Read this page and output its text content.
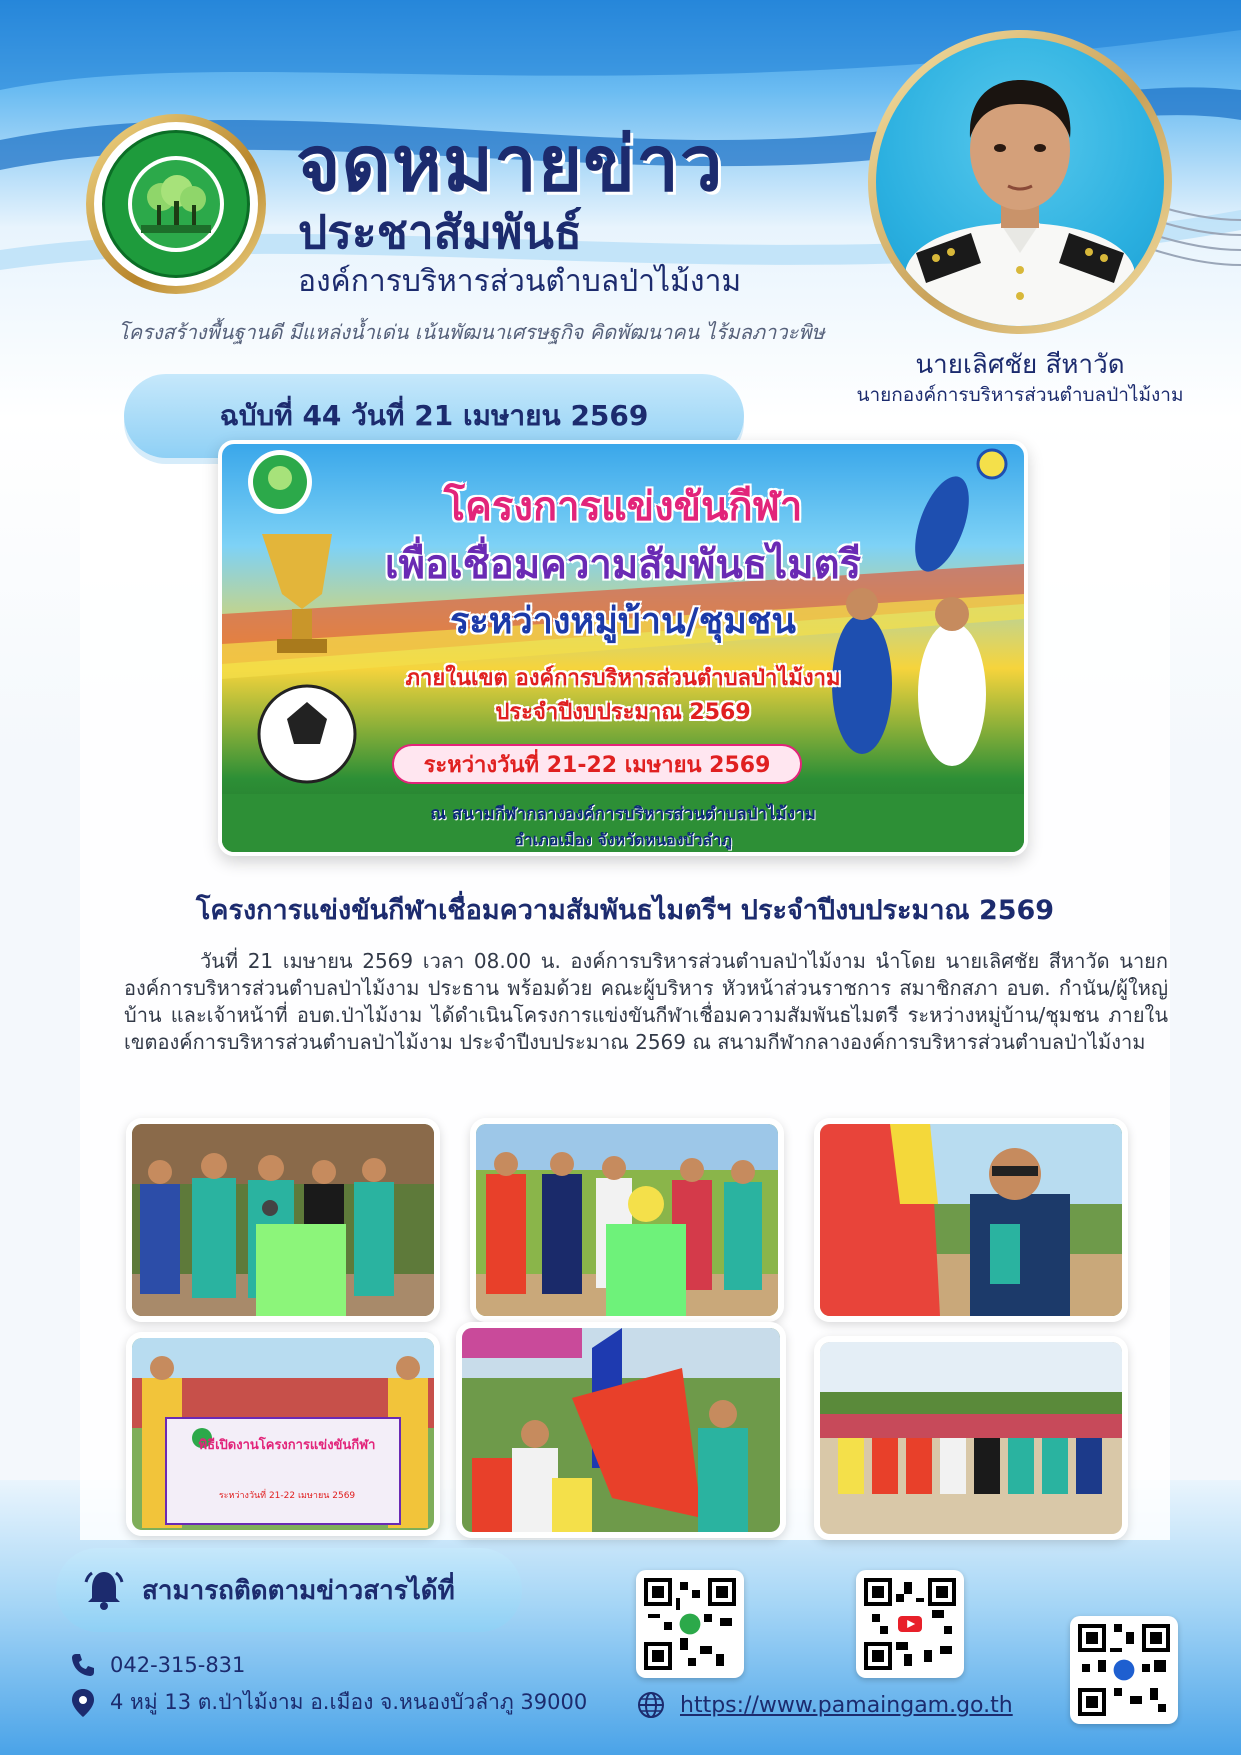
จดหมายข่าว
ประชาสัมพันธ์
องค์การบริหารส่วนตำบลป่าไม้งาม
โครงสร้างพื้นฐานดี มีแหล่งน้ำเด่น เน้นพัฒนาเศรษฐกิจ คิดพัฒนาคน ไร้มลภาวะพิษ
นายเลิศชัย สีหาวัด
นายกองค์การบริหารส่วนตำบลป่าไม้งาม
ฉบับที่ 44 วันที่ 21 เมษายน 2569
โครงการแข่งขันกีฬา
เพื่อเชื่อมความสัมพันธไมตรี
ระหว่างหมู่บ้าน/ชุมชน
ภายในเขต องค์การบริหารส่วนตำบลป่าไม้งาม
ประจำปีงบประมาณ 2569
ระหว่างวันที่ 21-22 เมษายน 2569
ณ สนามกีฬากลางองค์การบริหารส่วนตำบลป่าไม้งาม
อำเภอเมือง จังหวัดหนองบัวลำภู
โครงการแข่งขันกีฬาเชื่อมความสัมพันธไมตรีฯ ประจำปีงบประมาณ 2569
วันที่ 21 เมษายน 2569 เวลา 08.00 น. องค์การบริหารส่วนตำบลป่าไม้งาม นำโดย นายเลิศชัย สีหาวัด นายกองค์การบริหารส่วนตำบลป่าไม้งาม ประธาน พร้อมด้วย คณะผู้บริหาร หัวหน้าส่วนราชการ สมาชิกสภา อบต. กำนัน/ผู้ใหญ่บ้าน และเจ้าหน้าที่ อบต.ป่าไม้งาม ได้ดำเนินโครงการแข่งขันกีฬาเชื่อมความสัมพันธไมตรี ระหว่างหมู่บ้าน/ชุมชน ภายในเขตองค์การบริหารส่วนตำบลป่าไม้งาม ประจำปีงบประมาณ 2569 ณ สนามกีฬากลางองค์การบริหารส่วนตำบลป่าไม้งาม
พิธีเปิดงานโครงการแข่งขันกีฬา
ระหว่างวันที่ 21-22 เมษายน 2569
สามารถติดตามข่าวสารได้ที่
042-315-831
4 หมู่ 13 ต.ป่าไม้งาม อ.เมือง จ.หนองบัวลำภู 39000	https://www.pamaingam.go.th
